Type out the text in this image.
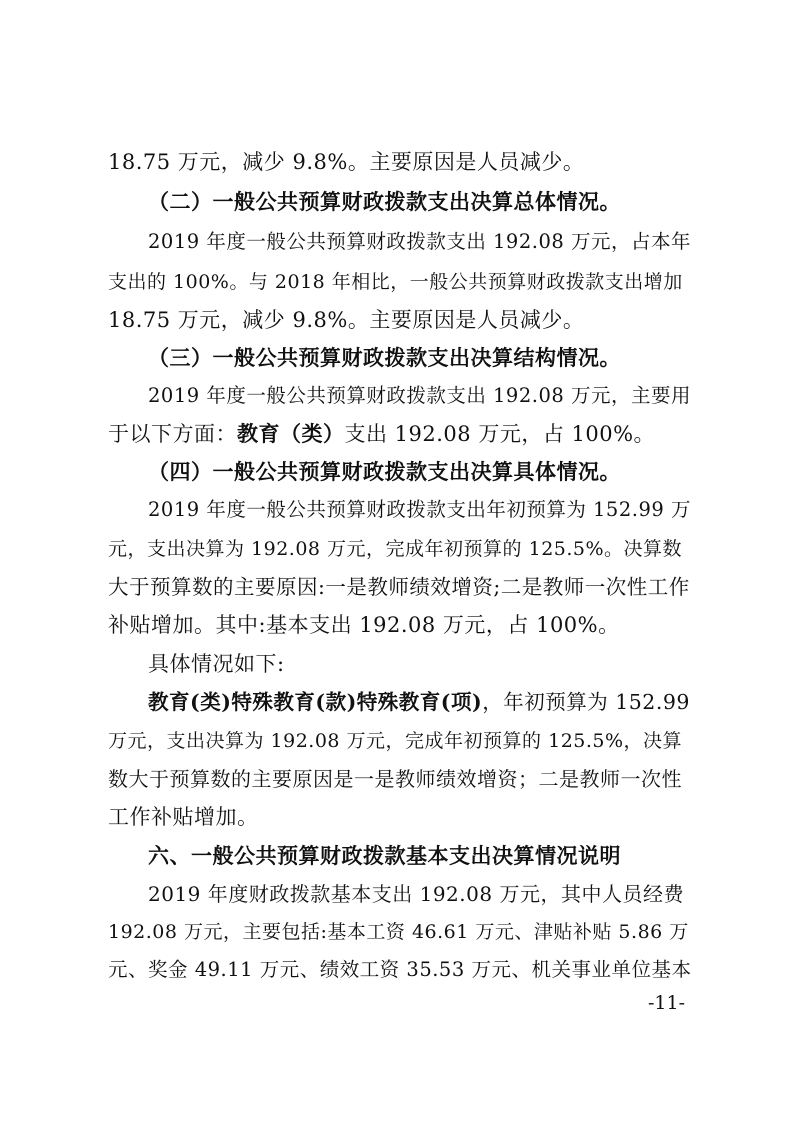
18.75 万元，减少 9.8%。主要原因是人员减少。
（二）一般公共预算财政拨款支出决算总体情况。
2019 年度一般公共预算财政拨款支出 192.08 万元，占本年
支出的 100%。与 2018 年相比，一般公共预算财政拨款支出增加
18.75 万元，减少 9.8%。主要原因是人员减少。
（三）一般公共预算财政拨款支出决算结构情况。
2019 年度一般公共预算财政拨款支出 192.08 万元，主要用
于以下方面：教育（类）支出 192.08 万元，占 100%。
（四）一般公共预算财政拨款支出决算具体情况。
2019 年度一般公共预算财政拨款支出年初预算为 152.99 万
元，支出决算为 192.08 万元，完成年初预算的 125.5%。决算数
大于预算数的主要原因:一是教师绩效增资;二是教师一次性工作
补贴增加。其中:基本支出 192.08 万元，占 100%。
具体情况如下:
教育(类)特殊教育(款)特殊教育(项)，年初预算为 152.99
万元，支出决算为 192.08 万元，完成年初预算的 125.5%，决算
数大于预算数的主要原因是一是教师绩效增资；二是教师一次性
工作补贴增加。
六、一般公共预算财政拨款基本支出决算情况说明
2019 年度财政拨款基本支出 192.08 万元，其中人员经费
192.08 万元，主要包括:基本工资 46.61 万元、津贴补贴 5.86 万
元、奖金 49.11 万元、绩效工资 35.53 万元、机关事业单位基本
-11-
